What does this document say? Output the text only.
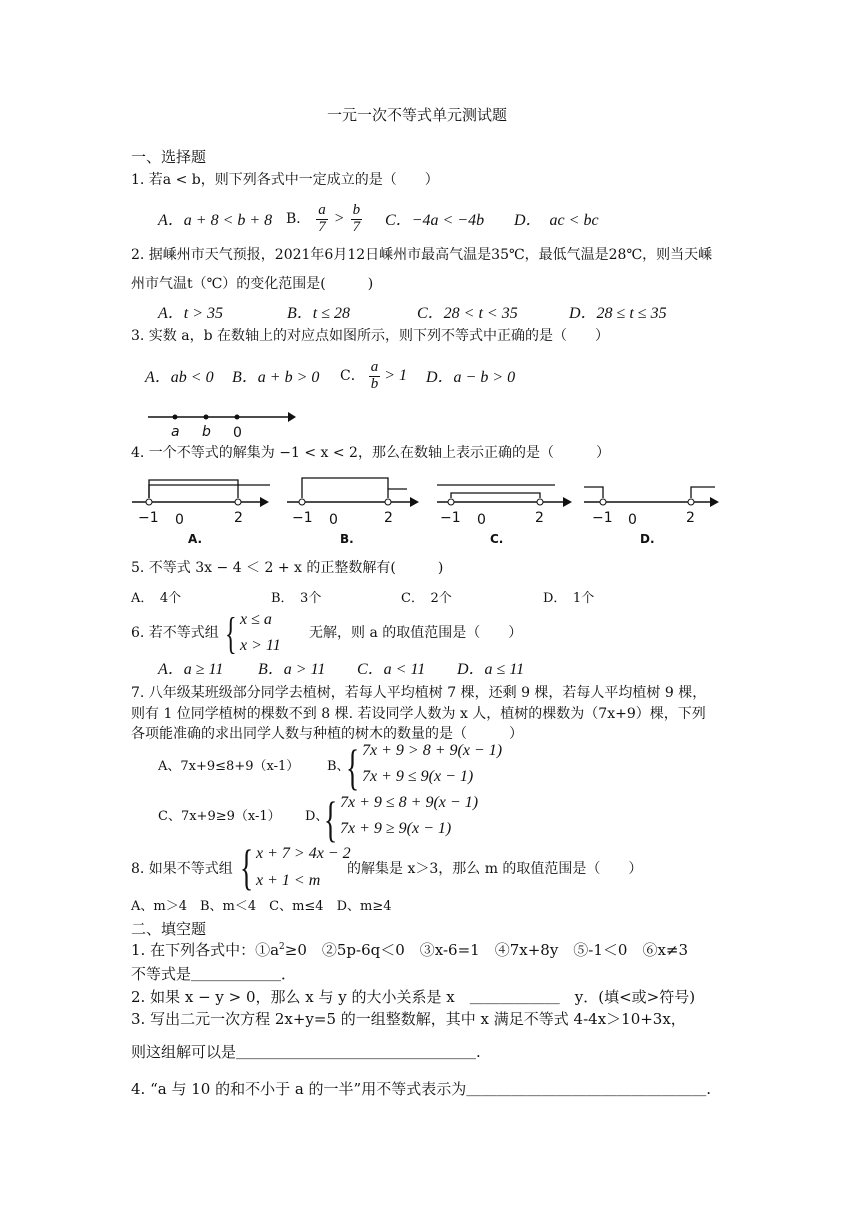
一元一次不等式单元测试题
一、选择题
1. 若a < b，则下列各式中一定成立的是（　　）
A．a + 8 < b + 8 B． $\frac{a}{7} > \frac{b}{7}$ C．−4a < −4b D．　ac < bc
2. 据嵊州市天气预报，2021年6月12日嵊州市最高气温是35℃，最低气温是28℃，则当天嵊
州市气温t（℃）的变化范围是(　　　)
A．t > 35	B．t ≤ 28	C．28 < t < 35	D．28 ≤ t ≤ 35
3. 实数 a，b 在数轴上的对应点如图所示，则下列不等式中正确的是（　　）
A．ab < 0 B．a + b > 0 C． $\frac{a}{b} > 1$ D．a − b > 0
a b 0
4. 一个不等式的解集为 −1 < x < 2，那么在数轴上表示正确的是（　　　）
−1 0	2
A.
−1 0	2
B.
−1 0	2
C.
−1 0	2
D.
5. 不等式 3x − 4 ＜ 2 + x 的正整数解有(　　　)
A．　4个	B．　3个	C．　2个	D．　1个
6. 若不等式组 { x ≤ a
x > 11
无解，则 a 的取值范围是（　　）
A．a ≥ 11 B．a > 11 C．a < 11 D．a ≤ 11
7. 八年级某班级部分同学去植树，若每人平均植树 7 棵，还剩 9 棵，若每人平均植树 9 棵，
则有 1 位同学植树的棵数不到 8 棵. 若设同学人数为 x 人，植树的棵数为（7x+9）棵，下列
各项能准确的求出同学人数与种植的树木的数量的是（　　　）
A、7x+9≤8+9（x-1） B、
{ 7x + 9 > 8 + 9(x − 1)
7x + 9 ≤ 9(x − 1)
C、7x+9≥9（x-1） D、
{ 7x + 9 ≤ 8 + 9(x − 1)
7x + 9 ≥ 9(x − 1)
8. 如果不等式组 { x + 7 > 4x − 2
x + 1 < m
的解集是 x＞3，那么 m 的取值范围是（　　）
A、m＞4　B、m＜4　C、m≤4　D、m≥4
二、填空题
1. 在下列各式中：$①a^2\ge 0$　②5p-6q＜0　③x-6=1　④7x+8y　⑤-1＜0　⑥x≠3
不等式是＿＿＿＿＿＿．
2. 如果 x − y > 0，那么 x 与 y 的大小关系是 x　＿＿＿＿＿＿　y．(填<或>符号)
3. 写出二元一次方程 2x+y=5 的一组整数解，其中 x 满足不等式 4-4x＞10+3x，
则这组解可以是＿＿＿＿＿＿＿＿＿＿＿＿＿＿＿＿.
4. “a 与 10 的和不小于 a 的一半”用不等式表示为＿＿＿＿＿＿＿＿＿＿＿＿＿＿＿＿.
